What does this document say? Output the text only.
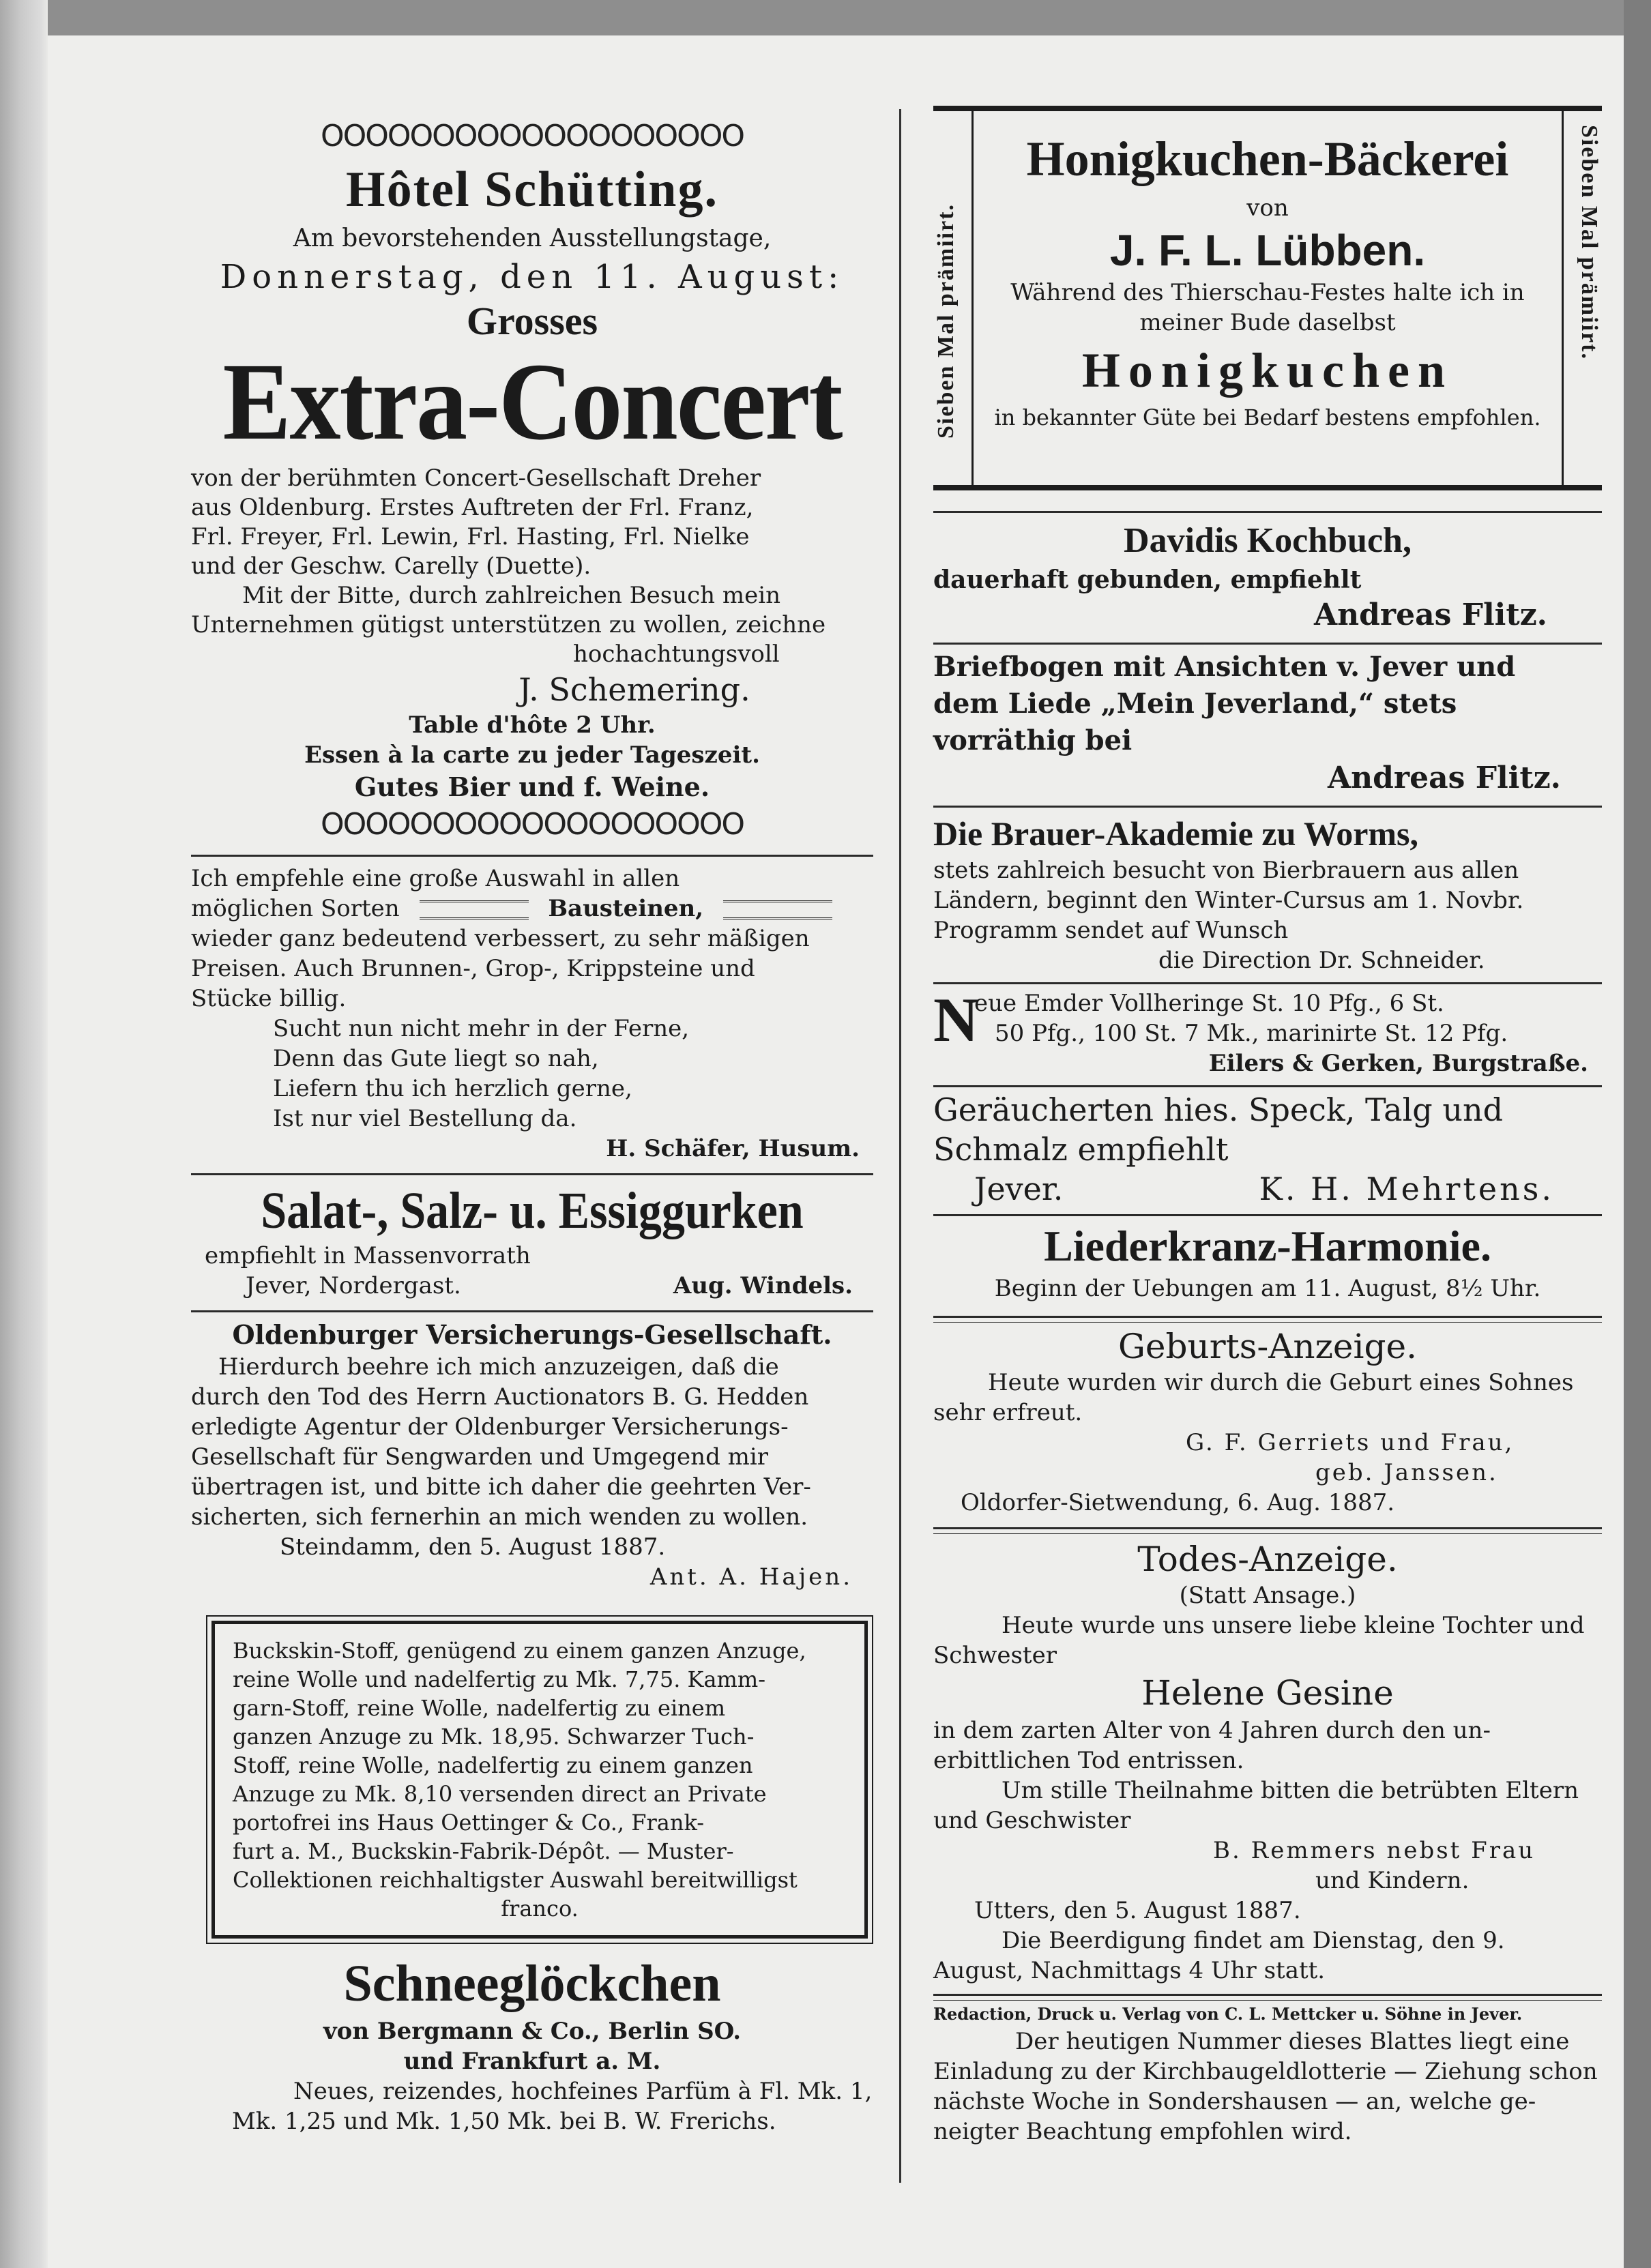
OOOOOOOOOOOOOOOOOOO
Hôtel Schütting.
Am bevorstehenden Ausstellungstage,
Donnerstag, den 11. August:
Grosses
Extra-Concert
von der berühmten Concert-Gesellschaft Dreher
aus Oldenburg. Erstes Auftreten der Frl. Franz,
Frl. Freyer, Frl. Lewin, Frl. Hasting, Frl. Nielke
und der Geschw. Carelly (Duette).
Mit der Bitte, durch zahlreichen Besuch mein
Unternehmen gütigst unterstützen zu wollen, zeichne
hochachtungsvoll
J. Schemering.
Table d'hôte 2 Uhr.
Essen à la carte zu jeder Tageszeit.
Gutes Bier und f. Weine.
OOOOOOOOOOOOOOOOOOO
Ich empfehle eine große Auswahl in allen
möglichen Sorten	Bausteinen,
wieder ganz bedeutend verbessert, zu sehr mäßigen
Preisen. Auch Brunnen-, Grop-, Krippsteine und
Stücke billig.
Sucht nun nicht mehr in der Ferne,
Denn das Gute liegt so nah,
Liefern thu ich herzlich gerne,
Ist nur viel Bestellung da.
H. Schäfer, Husum.
Salat-, Salz- u. Essiggurken
empfiehlt in Massenvorrath
Jever, Nordergast.	Aug. Windels.
Oldenburger Versicherungs-Gesellschaft.
Hierdurch beehre ich mich anzuzeigen, daß die
durch den Tod des Herrn Auctionators B. G. Hedden
erledigte Agentur der Oldenburger Versicherungs-
Gesellschaft für Sengwarden und Umgegend mir
übertragen ist, und bitte ich daher die geehrten Ver-
sicherten, sich fernerhin an mich wenden zu wollen.
Steindamm, den 5. August 1887.
Ant. A. Hajen.
Buckskin-Stoff, genügend zu einem ganzen Anzuge,
reine Wolle und nadelfertig zu Mk. 7,75. Kamm-
garn-Stoff, reine Wolle, nadelfertig zu einem
ganzen Anzuge zu Mk. 18,95. Schwarzer Tuch-
Stoff, reine Wolle, nadelfertig zu einem ganzen
Anzuge zu Mk. 8,10 versenden direct an Private
portofrei ins Haus Oettinger & Co., Frank-
furt a. M., Buckskin-Fabrik-Dépôt. — Muster-
Collektionen reichhaltigster Auswahl bereitwilligst
franco.
Schneeglöckchen
von Bergmann & Co., Berlin SO.
und Frankfurt a. M.
Neues, reizendes, hochfeines Parfüm à Fl. Mk. 1,
Mk. 1,25 und Mk. 1,50 Mk. bei B. W. Frerichs.
Sieben Mal prämiirt.	Sieben Mal prämiirt.
Honigkuchen-Bäckerei
von
J. F. L. Lübben.
Während des Thierschau-Festes halte ich in
meiner Bude daselbst
Honigkuchen
in bekannter Güte bei Bedarf bestens empfohlen.
Davidis Kochbuch,
dauerhaft gebunden, empfiehlt
Andreas Flitz.
Briefbogen mit Ansichten v. Jever und
dem Liede „Mein Jeverland,“ stets
vorräthig bei
Andreas Flitz.
Die Brauer-Akademie zu Worms,
stets zahlreich besucht von Bierbrauern aus allen
Ländern, beginnt den Winter-Cursus am 1. Novbr.
Programm sendet auf Wunsch
die Direction Dr. Schneider.
N
eue Emder Vollheringe St. 10 Pfg., 6 St.
50 Pfg., 100 St. 7 Mk., marinirte St. 12 Pfg.
Eilers & Gerken, Burgstraße.
Geräucherten hies. Speck, Talg und
Schmalz empfiehlt
Jever.	K. H. Mehrtens.
Liederkranz-Harmonie.
Beginn der Uebungen am 11. August, 8½ Uhr.
Geburts-Anzeige.
Heute wurden wir durch die Geburt eines Sohnes
sehr erfreut.
G. F. Gerriets und Frau,
geb. Janssen.
Oldorfer-Sietwendung, 6. Aug. 1887.
Todes-Anzeige.
(Statt Ansage.)
Heute wurde uns unsere liebe kleine Tochter und
Schwester
Helene Gesine
in dem zarten Alter von 4 Jahren durch den un-
erbittlichen Tod entrissen.
Um stille Theilnahme bitten die betrübten Eltern
und Geschwister
B. Remmers nebst Frau
und Kindern.
Utters, den 5. August 1887.
Die Beerdigung findet am Dienstag, den 9.
August, Nachmittags 4 Uhr statt.
Redaction, Druck u. Verlag von C. L. Mettcker u. Söhne in Jever.
Der heutigen Nummer dieses Blattes liegt eine
Einladung zu der Kirchbaugeldlotterie — Ziehung schon
nächste Woche in Sondershausen — an, welche ge-
neigter Beachtung empfohlen wird.
